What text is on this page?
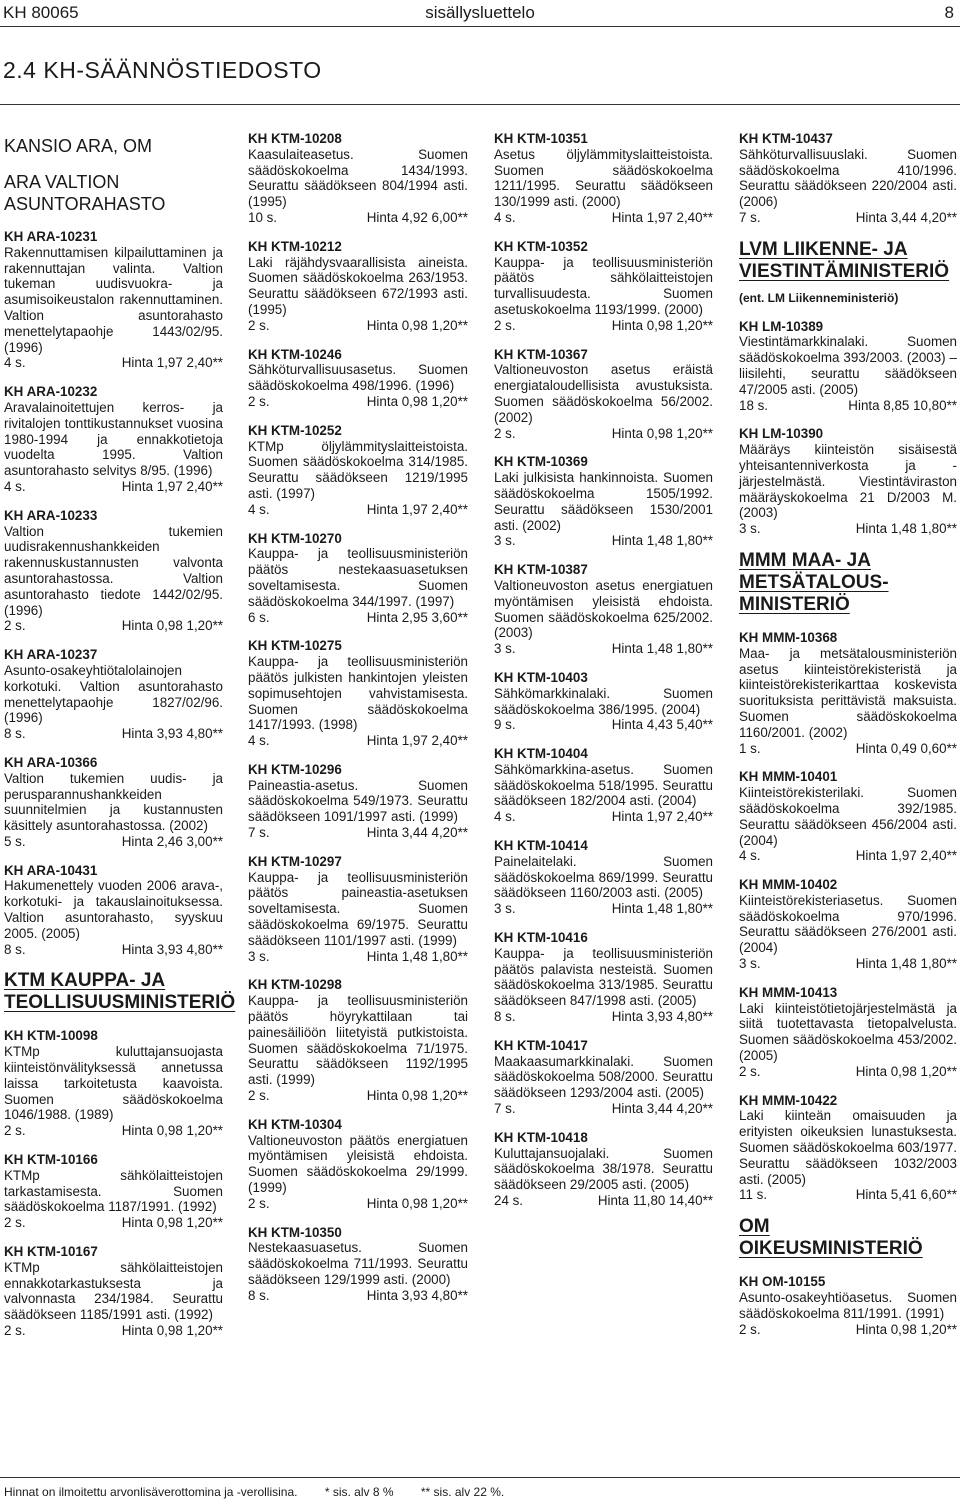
KH 80065	sisällysluettelo	8
2.4 KH-SÄÄNNÖSTIEDOSTO
KANSIO ARA, OM
ARA VALTION ASUNTORAHASTO
KH ARA-10231
Rakennuttamisen kilpailuttaminen ja rakennuttajan valinta. Valtion tukeman uudisvuokra- ja asumisoikeustalon rakennuttaminen. Valtion asuntorahasto menettelytapaohje 1443/02/95. (1996)
4 s.	Hinta 1,97 2,40**
KH ARA-10232
Aravalainoitettujen kerros- ja rivitalojen tonttikustannukset vuosina 1980-1994 ja ennakkotietoja vuodelta 1995. Valtion asuntorahasto selvitys 8/95. (1996)
4 s.	Hinta 1,97 2,40**
KH ARA-10233
Valtion tukemien uudisrakennushankkeiden rakennuskustannusten valvonta asuntorahastossa. Valtion asuntorahasto tiedote 1442/02/95. (1996)
2 s.	Hinta 0,98 1,20**
KH ARA-10237
Asunto-osakeyhtiötalolainojen korkotuki. Valtion asuntorahasto menettelytapaohje 1827/02/96. (1996)
8 s.	Hinta 3,93 4,80**
KH ARA-10366
Valtion tukemien uudis- ja perusparannushankkeiden suunnitelmien ja kustannusten käsittely asuntorahastossa. (2002)
5 s.	Hinta 2,46 3,00**
KH ARA-10431
Hakumenettely vuoden 2006 arava-, korkotuki- ja takauslainoituksessa. Valtion asuntorahasto, syyskuu 2005. (2005)
8 s.	Hinta 3,93 4,80**
KTM KAUPPA- JA TEOLLISUUSMINISTERIÖ
KH KTM-10098
KTMp kuluttajansuojasta kiinteistönvälityksessä annetussa laissa tarkoitetusta kaavoista. Suomen säädöskokoelma 1046/1988. (1989)
2 s.	Hinta 0,98 1,20**
KH KTM-10166
KTMp sähkölaitteistojen tarkastamisesta. Suomen säädöskokoelma 1187/1991. (1992)
2 s.	Hinta 0,98 1,20**
KH KTM-10167
KTMp sähkölaitteistojen ennakkotarkastuksesta ja valvonnasta 234/1984. Seurattu säädökseen 1185/1991 asti. (1992)
2 s.	Hinta 0,98 1,20**
KH KTM-10208
Kaasulaiteasetus. Suomen säädöskokoelma 1434/1993. Seurattu säädökseen 804/1994 asti. (1995)
10 s.	Hinta 4,92 6,00**
KH KTM-10212
Laki räjähdysvaarallisista aineista. Suomen säädöskokoelma 263/1953. Seurattu säädökseen 672/1993 asti. (1995)
2 s.	Hinta 0,98 1,20**
KH KTM-10246
Sähköturvallisuusasetus. Suomen säädöskokoelma 498/1996. (1996)
2 s.	Hinta 0,98 1,20**
KH KTM-10252
KTMp öljylämmityslaitteistoista. Suomen säädöskokoelma 314/1985. Seurattu säädökseen 1219/1995 asti. (1997)
4 s.	Hinta 1,97 2,40**
KH KTM-10270
Kauppa- ja teollisuusministeriön päätös nestekaasuasetuksen soveltamisesta. Suomen säädöskokoelma 344/1997. (1997)
6 s.	Hinta 2,95 3,60**
KH KTM-10275
Kauppa- ja teollisuusministeriön päätös julkisten hankintojen yleisten sopimusehtojen vahvistamisesta. Suomen säädöskokoelma 1417/1993. (1998)
4 s.	Hinta 1,97 2,40**
KH KTM-10296
Paineastia-asetus. Suomen säädöskokoelma 549/1973. Seurattu säädökseen 1091/1997 asti. (1999)
7 s.	Hinta 3,44 4,20**
KH KTM-10297
Kauppa- ja teollisuusministeriön päätös paineastia-asetuksen soveltamisesta. Suomen säädöskokoelma 69/1975. Seurattu säädökseen 1101/1997 asti. (1999)
3 s.	Hinta 1,48 1,80**
KH KTM-10298
Kauppa- ja teollisuusministeriön päätös höyrykattilaan tai painesäiliöön liitetyistä putkistoista. Suomen säädöskokoelma 71/1975. Seurattu säädökseen 1192/1995 asti. (1999)
2 s.	Hinta 0,98 1,20**
KH KTM-10304
Valtioneuvoston päätös energiatuen myöntämisen yleisistä ehdoista. Suomen säädöskokoelma 29/1999. (1999)
2 s.	Hinta 0,98 1,20**
KH KTM-10350
Nestekaasuasetus. Suomen säädöskokoelma 711/1993. Seurattu säädökseen 129/1999 asti. (2000)
8 s.	Hinta 3,93 4,80**
KH KTM-10351
Asetus öljylämmityslaitteistoista. Suomen säädöskokoelma 1211/1995. Seurattu säädökseen 130/1999 asti. (2000)
4 s.	Hinta 1,97 2,40**
KH KTM-10352
Kauppa- ja teollisuusministeriön päätös sähkölaitteistojen turvallisuudesta. Suomen asetuskokoelma 1193/1999. (2000)
2 s.	Hinta 0,98 1,20**
KH KTM-10367
Valtioneuvoston asetus eräistä energiataloudellisista avustuksista. Suomen säädöskokoelma 56/2002. (2002)
2 s.	Hinta 0,98 1,20**
KH KTM-10369
Laki julkisista hankinnoista. Suomen säädöskokoelma 1505/1992. Seurattu säädökseen 1530/2001 asti. (2002)
3 s.	Hinta 1,48 1,80**
KH KTM-10387
Valtioneuvoston asetus energiatuen myöntämisen yleisistä ehdoista. Suomen säädöskokoelma 625/2002. (2003)
3 s.	Hinta 1,48 1,80**
KH KTM-10403
Sähkömarkkinalaki. Suomen säädöskokoelma 386/1995. (2004)
9 s.	Hinta 4,43 5,40**
KH KTM-10404
Sähkömarkkina-asetus. Suomen säädöskokoelma 518/1995. Seurattu säädökseen 182/2004 asti. (2004)
4 s.	Hinta 1,97 2,40**
KH KTM-10414
Painelaitelaki. Suomen säädöskokoelma 869/1999. Seurattu säädökseen 1160/2003 asti. (2005)
3 s.	Hinta 1,48 1,80**
KH KTM-10416
Kauppa- ja teollisuusministeriön päätös palavista nesteistä. Suomen säädöskokoelma 313/1985. Seurattu säädökseen 847/1998 asti. (2005)
8 s.	Hinta 3,93 4,80**
KH KTM-10417
Maakaasumarkkinalaki. Suomen säädöskokoelma 508/2000. Seurattu säädökseen 1293/2004 asti. (2005)
7 s.	Hinta 3,44 4,20**
KH KTM-10418
Kuluttajansuojalaki. Suomen säädöskokoelma 38/1978. Seurattu säädökseen 29/2005 asti. (2005)
24 s.	Hinta 11,80 14,40**
KH KTM-10437
Sähköturvallisuuslaki. Suomen säädöskokoelma 410/1996. Seurattu säädökseen 220/2004 asti. (2006)
7 s.	Hinta 3,44 4,20**
LVM LIIKENNE- JA VIESTINTÄMINISTERIÖ
(ent. LM Liikenneministeriö)
KH LM-10389
Viestintämarkkinalaki. Suomen säädöskokoelma 393/2003. (2003) – liisilehti, seurattu säädökseen 47/2005 asti. (2005)
18 s.	Hinta 8,85 10,80**
KH LM-10390
Määräys kiinteistön sisäisestä yhteisantenniverkosta ja -järjestelmästä. Viestintäviraston määräyskokoelma 21 D/2003 M. (2003)
3 s.	Hinta 1,48 1,80**
MMM MAA- JA METSÄTALOUS-MINISTERIÖ
KH MMM-10368
Maa- ja metsätalousministeriön asetus kiinteistörekisteristä ja kiinteistörekisterikarttaa koskevista suorituksista perittävistä maksuista. Suomen säädöskokoelma 1160/2001. (2002)
1 s.	Hinta 0,49 0,60**
KH MMM-10401
Kiinteistörekisterilaki. Suomen säädöskokoelma 392/1985. Seurattu säädökseen 456/2004 asti. (2004)
4 s.	Hinta 1,97 2,40**
KH MMM-10402
Kiinteistörekisteriasetus. Suomen säädöskokoelma 970/1996. Seurattu säädökseen 276/2001 asti. (2004)
3 s.	Hinta 1,48 1,80**
KH MMM-10413
Laki kiinteistötietojärjestelmästä ja siitä tuotettavasta tietopalvelusta. Suomen säädöskokoelma 453/2002. (2005)
2 s.	Hinta 0,98 1,20**
KH MMM-10422
Laki kiinteän omaisuuden ja erityisten oikeuksien lunastuksesta. Suomen säädöskokoelma 603/1977. Seurattu säädökseen 1032/2003 asti. (2005)
11 s.	Hinta 5,41 6,60**
OM OIKEUSMINISTERIÖ
KH OM-10155
Asunto-osakeyhtiöasetus. Suomen säädöskokoelma 811/1991. (1991)
2 s.	Hinta 0,98 1,20**
Hinnat on ilmoitettu arvonlisäverottomina ja -verollisina. * sis. alv 8 % ** sis. alv 22 %.
